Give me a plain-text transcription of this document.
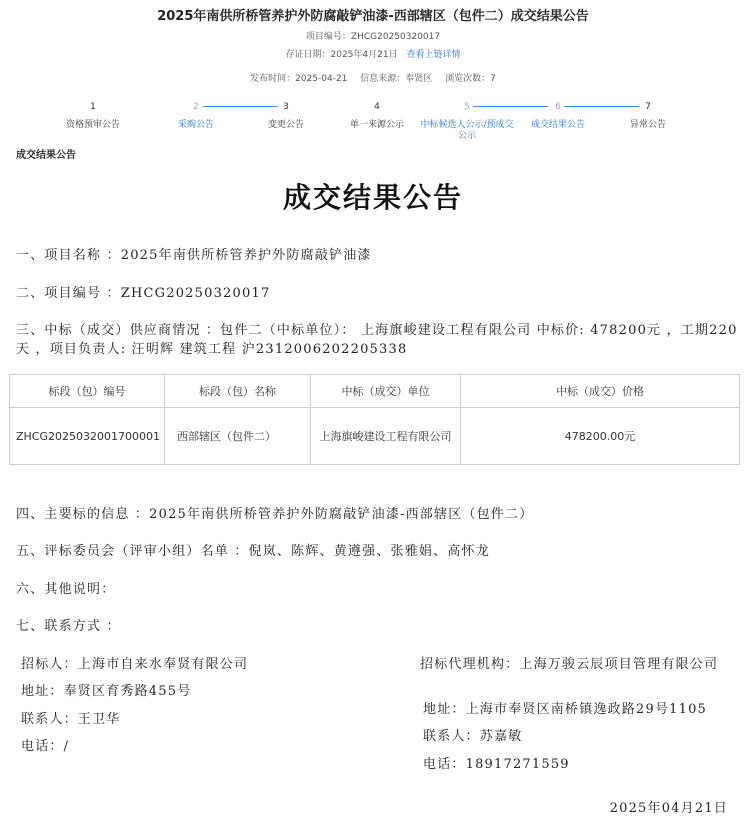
2025年南供所桥管养护外防腐敲铲油漆-西部辖区（包件二）成交结果公告
项目编号：ZHCG20250320017
存证日期：2025年4月21日 查看上链详情
发布时间：2025-04-21 信息来源：奉贤区 浏览次数：7
1
资格预审公告
2
采购公告
3
变更公告
4
单一来源公示
5
中标候选人公示/预成交公示
6
成交结果公告
7
异常公告
成交结果公告
成交结果公告
一、项目名称 ：2025年南供所桥管养护外防腐敲铲油漆
二、项目编号 ：ZHCG20250320017
三、中标（成交）供应商情况 ：包件二（中标单位）： 上海旗峻建设工程有限公司 中标价: 478200元 ，工期220天 ，项目负责人: 汪明辉 建筑工程 沪2312006202205338
标段（包）编号	标段（包）名称	中标（成交）单位	中标（成交）价格
ZHCG2025032001700001	西部辖区（包件二）	上海旗峻建设工程有限公司	478200.00元
四、主要标的信息 ：2025年南供所桥管养护外防腐敲铲油漆-西部辖区（包件二）
五、评标委员会（评审小组）名单 ：倪岚、陈辉、黄遵强、张雅娟、高怀龙
六、其他说明：
七、联系方式 ：
招标人：上海市自来水奉贤有限公司
地址：奉贤区育秀路455号
联系人：王卫华
电话：/
招标代理机构：上海万骏云辰项目管理有限公司
地址：上海市奉贤区南桥镇逸政路29号1105
联系人：苏嘉敏
电话：18917271559
2025年04月21日
